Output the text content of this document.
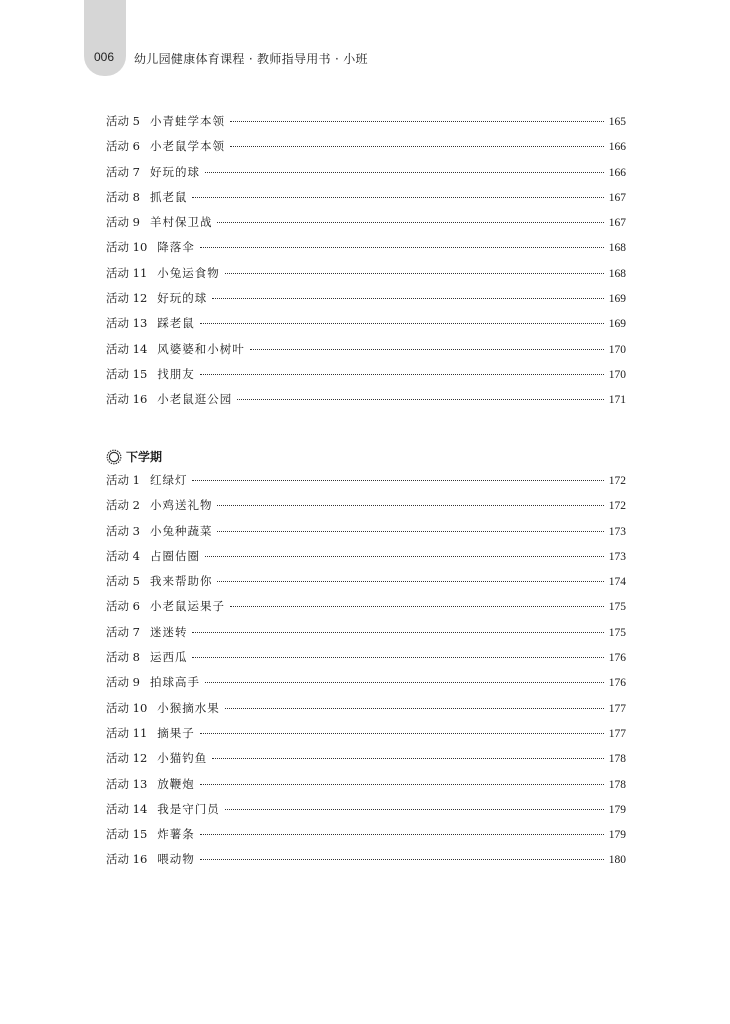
006 幼儿园健康体育课程 · 教师指导用书 · 小班
活动 5 小青蛙学本领	165
活动 6 小老鼠学本领	166
活动 7 好玩的球	166
活动 8 抓老鼠	167
活动 9 羊村保卫战	167
活动 10 降落伞	168
活动 11 小兔运食物	168
活动 12 好玩的球	169
活动 13 踩老鼠	169
活动 14 风婆婆和小树叶	170
活动 15 找朋友	170
活动 16 小老鼠逛公园	171
下学期
活动 1 红绿灯	172
活动 2 小鸡送礼物	172
活动 3 小兔种蔬菜	173
活动 4 占圈估圈	173
活动 5 我来帮助你	174
活动 6 小老鼠运果子	175
活动 7 迷迷转	175
活动 8 运西瓜	176
活动 9 拍球高手	176
活动 10 小猴摘水果	177
活动 11 摘果子	177
活动 12 小猫钓鱼	178
活动 13 放鞭炮	178
活动 14 我是守门员	179
活动 15 炸薯条	179
活动 16 喂动物	180
